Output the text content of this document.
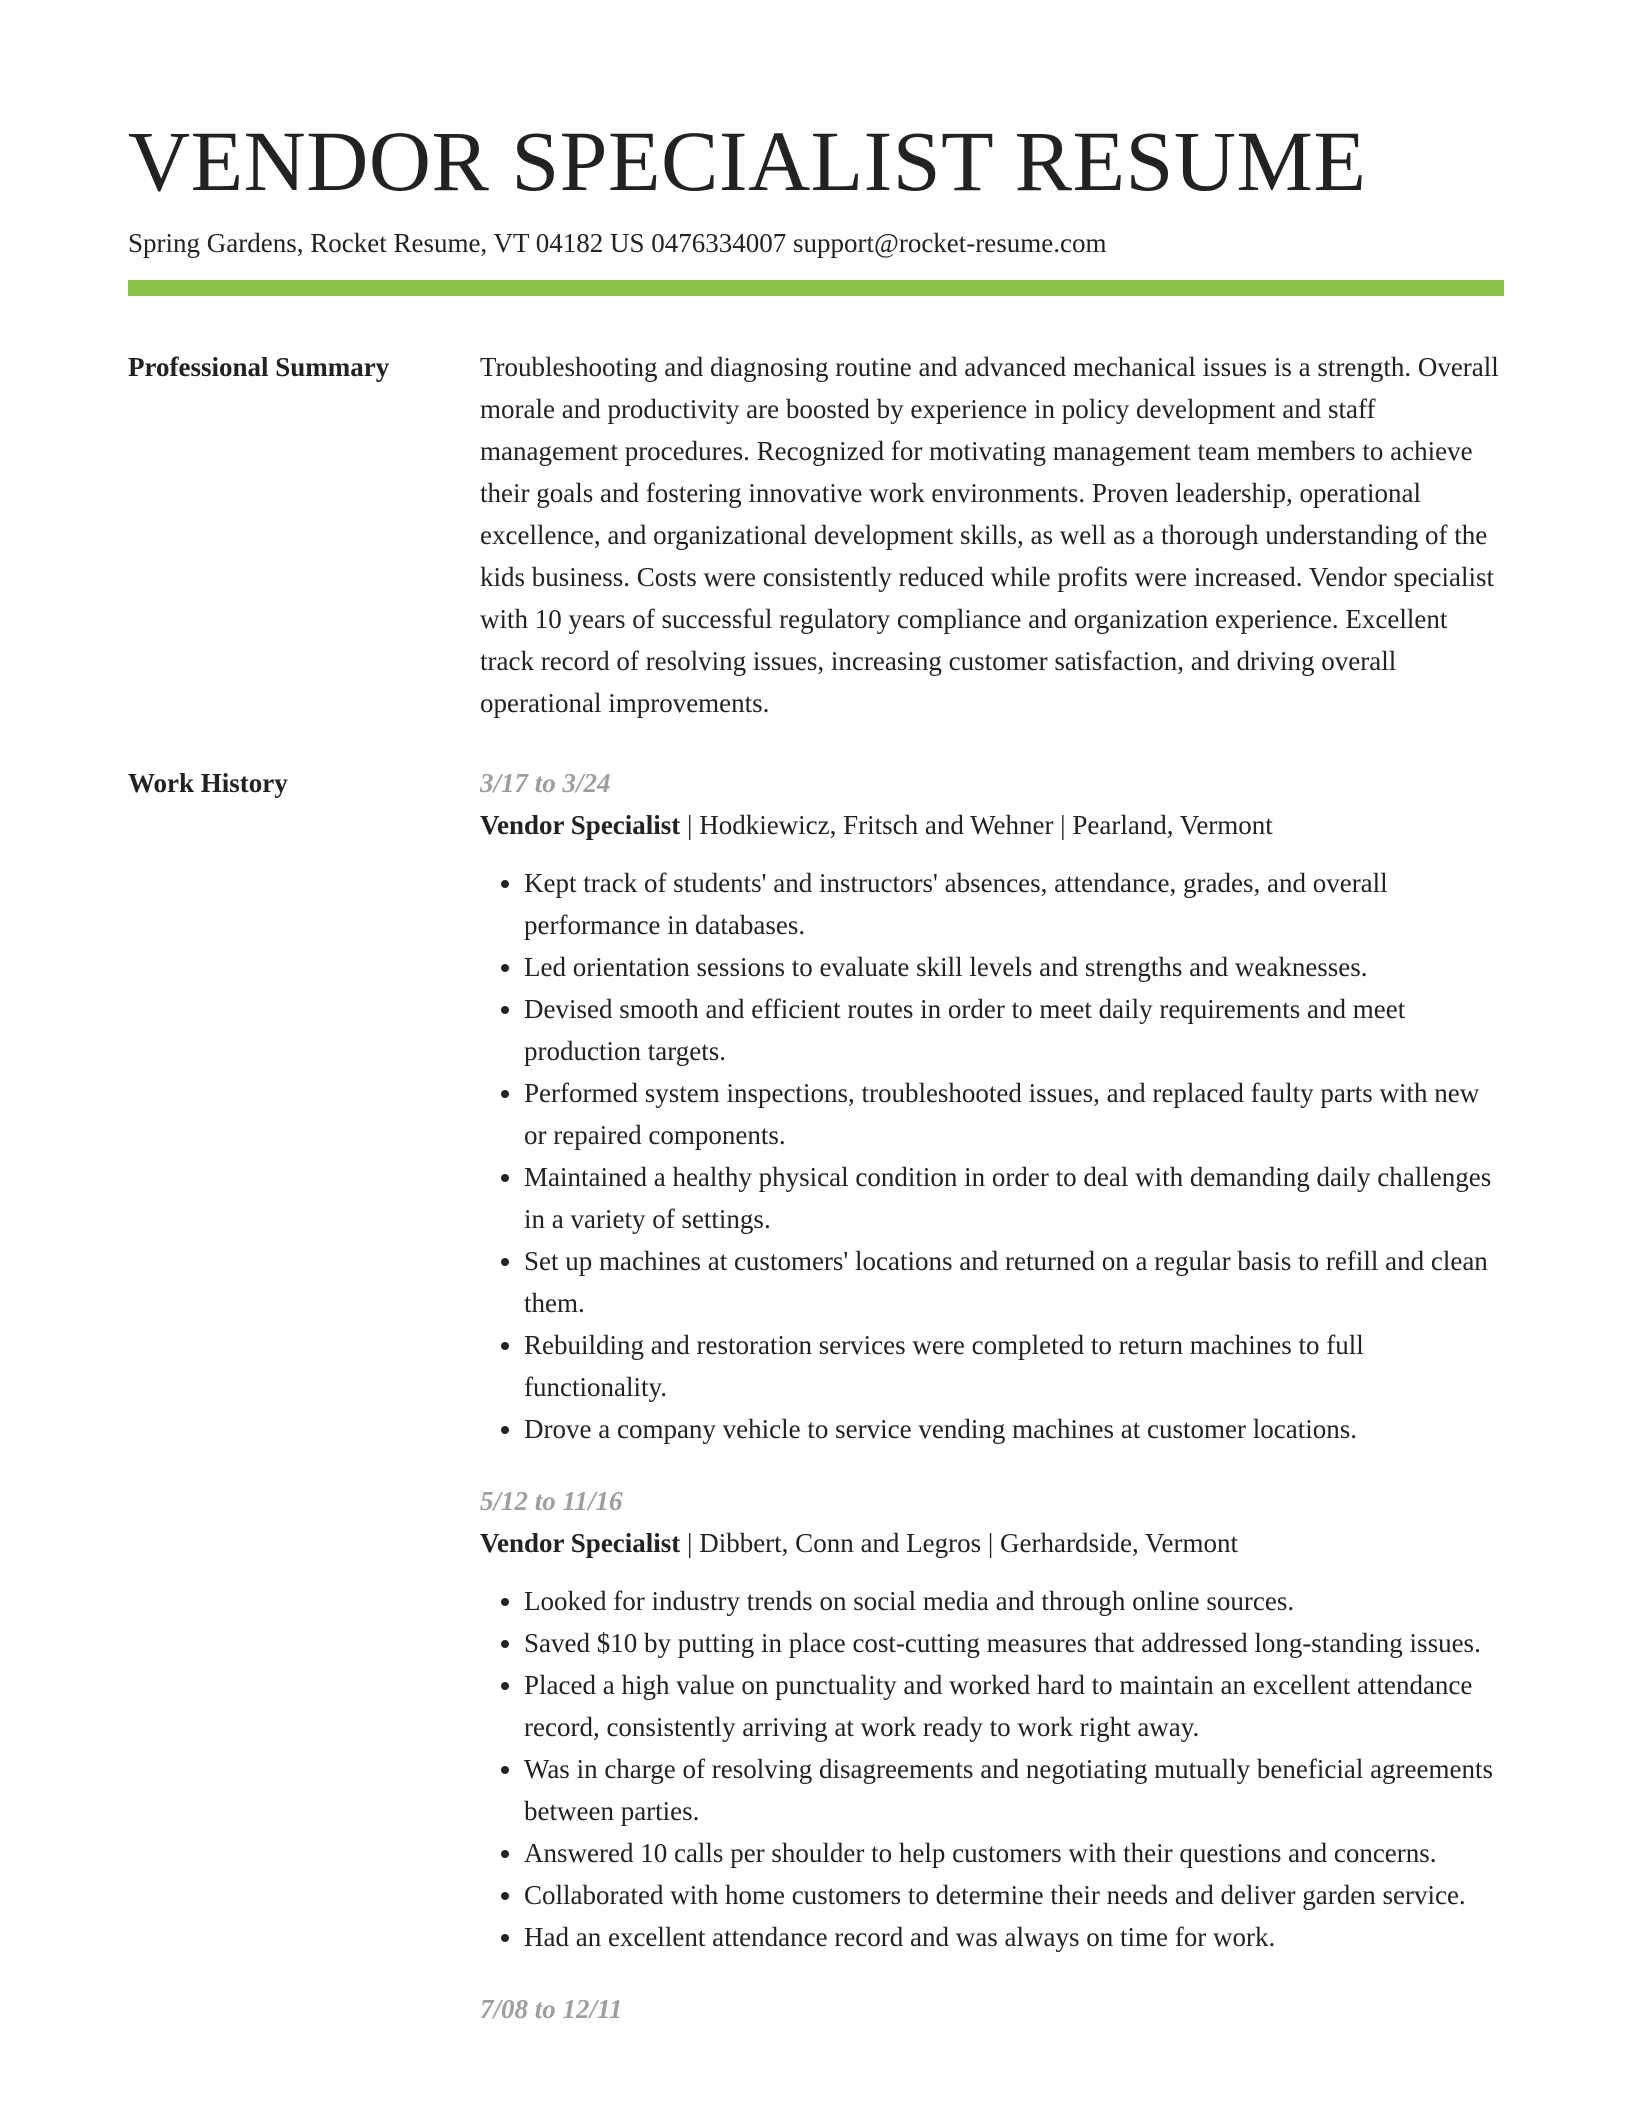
VENDOR SPECIALIST RESUME
Spring Gardens, Rocket Resume, VT 04182 US 0476334007 support@rocket-resume.com
Professional Summary	Troubleshooting and diagnosing routine and advanced mechanical issues is a strength. Overall morale and productivity are boosted by experience in policy development and staff management procedures. Recognized for motivating management team members to achieve their goals and fostering innovative work environments. Proven leadership, operational excellence, and organizational development skills, as well as a thorough understanding of the kids business. Costs were consistently reduced while profits were increased. Vendor specialist with 10 years of successful regulatory compliance and organization experience. Excellent track record of resolving issues, increasing customer satisfaction, and driving overall operational improvements.

Work History	3/17 to 3/24
Vendor Specialist | Hodkiewicz, Fritsch and Wehner | Pearland, Vermont
• Kept track of students' and instructors' absences, attendance, grades, and overall performance in databases.
• Led orientation sessions to evaluate skill levels and strengths and weaknesses.
• Devised smooth and efficient routes in order to meet daily requirements and meet production targets.
• Performed system inspections, troubleshooted issues, and replaced faulty parts with new or repaired components.
• Maintained a healthy physical condition in order to deal with demanding daily challenges in a variety of settings.
• Set up machines at customers' locations and returned on a regular basis to refill and clean them.
• Rebuilding and restoration services were completed to return machines to full functionality.
• Drove a company vehicle to service vending machines at customer locations.
5/12 to 11/16
Vendor Specialist | Dibbert, Conn and Legros | Gerhardside, Vermont
• Looked for industry trends on social media and through online sources.
• Saved $10 by putting in place cost-cutting measures that addressed long-standing issues.
• Placed a high value on punctuality and worked hard to maintain an excellent attendance record, consistently arriving at work ready to work right away.
• Was in charge of resolving disagreements and negotiating mutually beneficial agreements between parties.
• Answered 10 calls per shoulder to help customers with their questions and concerns.
• Collaborated with home customers to determine their needs and deliver garden service.
• Had an excellent attendance record and was always on time for work.
7/08 to 12/11
